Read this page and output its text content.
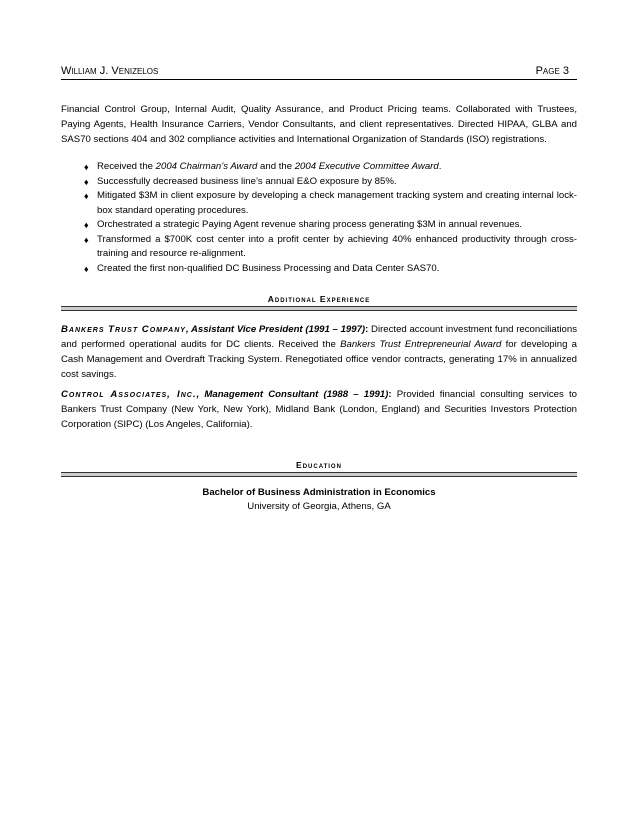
William J. Venizelos	Page 3

Financial Control Group, Internal Audit, Quality Assurance, and Product Pricing teams. Collaborated with Trustees, Paying Agents, Health Insurance Carriers, Vendor Consultants, and client representatives. Directed HIPAA, GLBA and SAS70 sections 404 and 302 compliance activities and International Organization of Standards (ISO) registrations.

♦ Received the 2004 Chairman’s Award and the 2004 Executive Committee Award.
♦ Successfully decreased business line’s annual E&O exposure by 85%.
♦ Mitigated $3M in client exposure by developing a check management tracking system and creating internal lock-box standard operating procedures.
♦ Orchestrated a strategic Paying Agent revenue sharing process generating $3M in annual revenues.
♦ Transformed a $700K cost center into a profit center by achieving 40% enhanced productivity through cross-training and resource re-alignment.
♦ Created the first non-qualified DC Business Processing and Data Center SAS70.
Additional Experience

Bankers Trust Company, Assistant Vice President (1991 – 1997): Directed account investment fund reconciliations and performed operational audits for DC clients. Received the Bankers Trust Entrepreneurial Award for developing a Cash Management and Overdraft Tracking System. Renegotiated office vendor contracts, generating 17% in annualized cost savings.

Control Associates, Inc., Management Consultant (1988 – 1991): Provided financial consulting services to Bankers Trust Company (New York, New York), Midland Bank (London, England) and Securities Investors Protection Corporation (SIPC) (Los Angeles, California).

Education
Bachelor of Business Administration in Economics
University of Georgia, Athens, GA
